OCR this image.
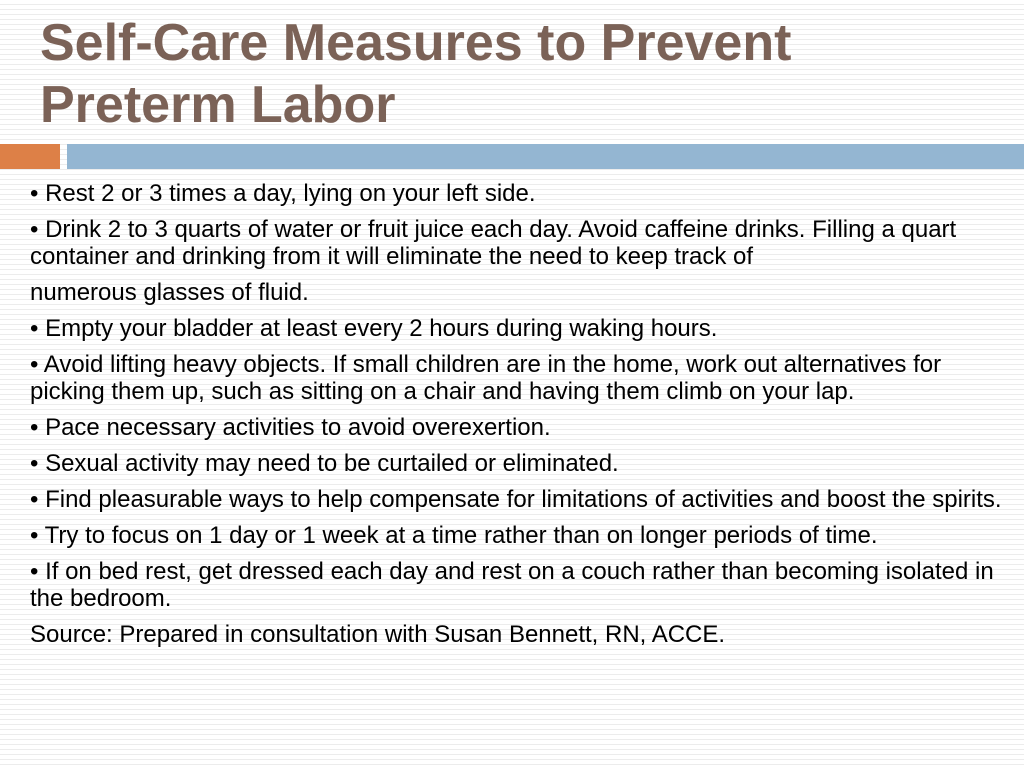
Self-Care Measures to Prevent
Preterm Labor

• Rest 2 or 3 times a day, lying on your left side.

• Drink 2 to 3 quarts of water or fruit juice each day. Avoid caffeine drinks. Filling a quart container and drinking from it will eliminate the need to keep track of

numerous glasses of fluid.

• Empty your bladder at least every 2 hours during waking hours.

• Avoid lifting heavy objects. If small children are in the home, work out alternatives for picking them up, such as sitting on a chair and having them climb on your lap.

• Pace necessary activities to avoid overexertion.

• Sexual activity may need to be curtailed or eliminated.

• Find pleasurable ways to help compensate for limitations of activities and boost the spirits.

• Try to focus on 1 day or 1 week at a time rather than on longer periods of time.

• If on bed rest, get dressed each day and rest on a couch rather than becoming isolated in the bedroom.

Source: Prepared in consultation with Susan Bennett, RN, ACCE.
